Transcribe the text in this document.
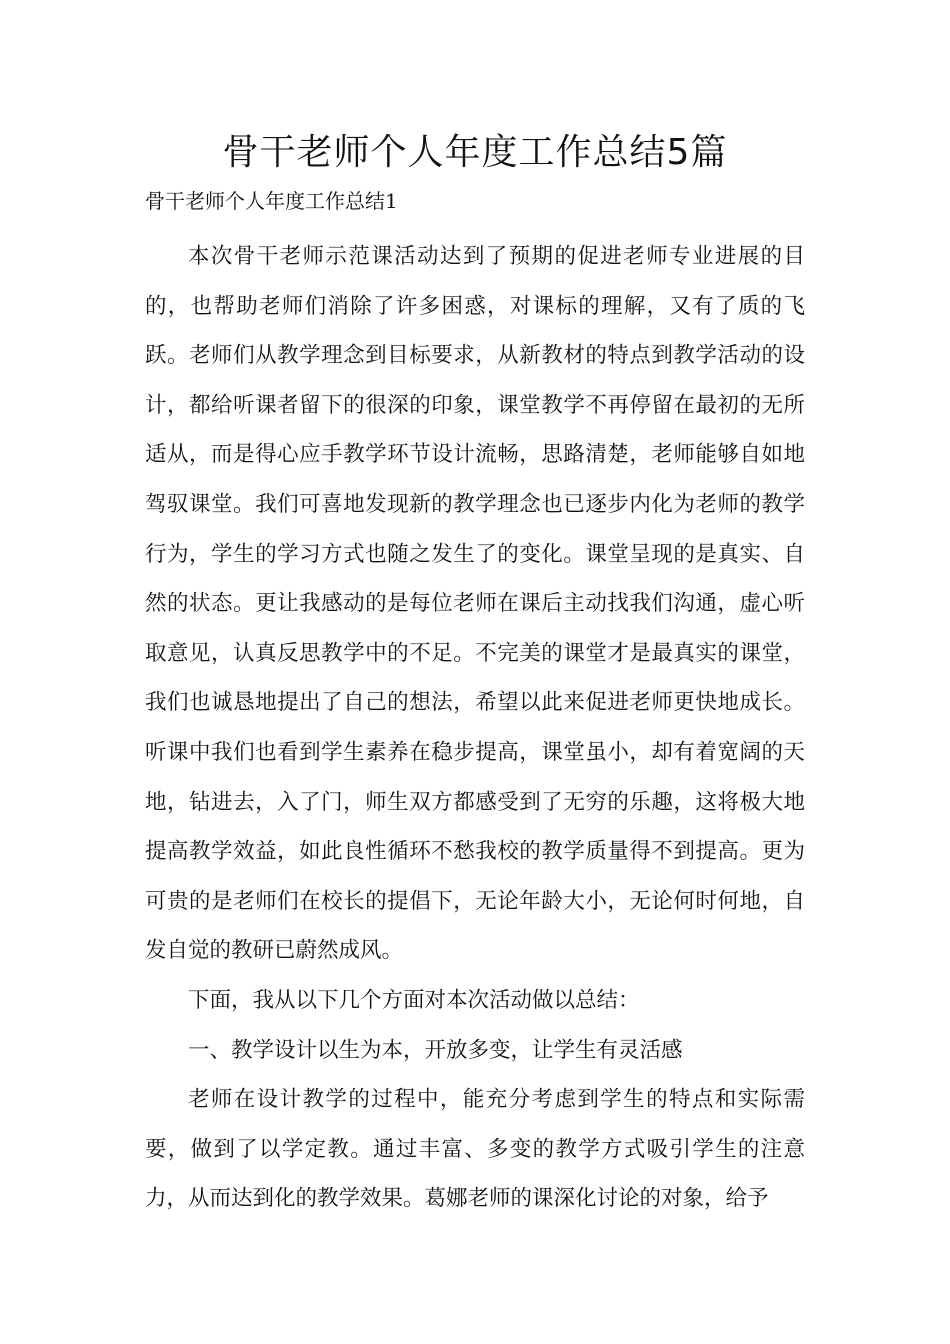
骨干老师个人年度工作总结5篇
骨干老师个人年度工作总结1

本次骨干老师示范课活动达到了预期的促进老师专业进展的目的，也帮助老师们消除了许多困惑，对课标的理解，又有了质的飞跃。老师们从教学理念到目标要求，从新教材的特点到教学活动的设计，都给听课者留下的很深的印象，课堂教学不再停留在最初的无所适从，而是得心应手教学环节设计流畅，思路清楚，老师能够自如地驾驭课堂。我们可喜地发现新的教学理念也已逐步内化为老师的教学行为，学生的学习方式也随之发生了的变化。课堂呈现的是真实、自然的状态。更让我感动的是每位老师在课后主动找我们沟通，虚心听取意见，认真反思教学中的不足。不完美的课堂才是最真实的课堂，我们也诚恳地提出了自己的想法，希望以此来促进老师更快地成长。听课中我们也看到学生素养在稳步提高，课堂虽小，却有着宽阔的天地，钻进去，入了门，师生双方都感受到了无穷的乐趣，这将极大地提高教学效益，如此良性循环不愁我校的教学质量得不到提高。更为可贵的是老师们在校长的提倡下，无论年龄大小，无论何时何地，自发自觉的教研已蔚然成风。

下面，我从以下几个方面对本次活动做以总结：

一、教学设计以生为本，开放多变，让学生有灵活感

老师在设计教学的过程中，能充分考虑到学生的特点和实际需要，做到了以学定教。通过丰富、多变的教学方式吸引学生的注意力，从而达到化的教学效果。葛娜老师的课深化讨论的对象，给予
